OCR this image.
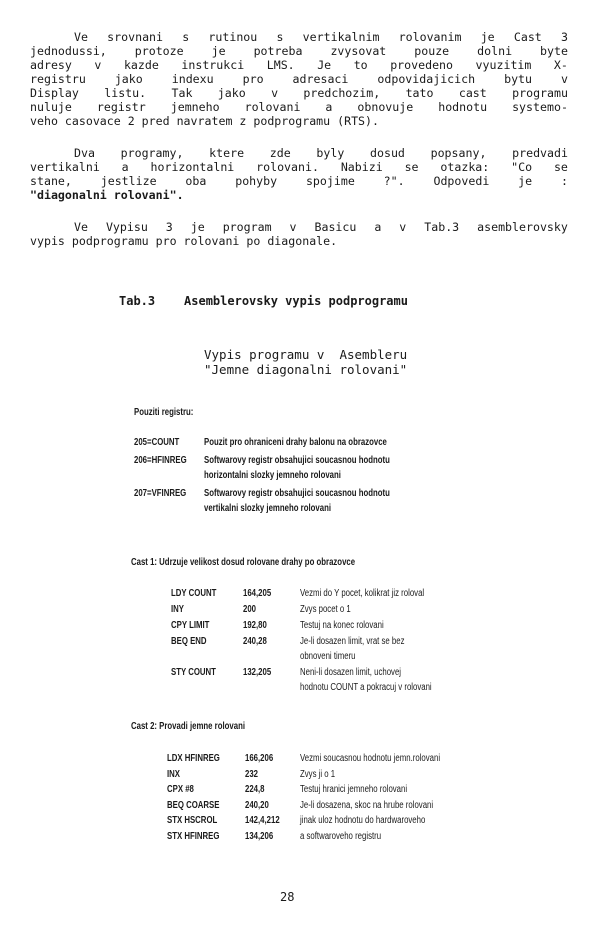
Ve srovnani s rutinou s vertikalnim rolovanim je Cast 3
jednodussi, protoze je potreba zvysovat pouze dolni byte
adresy v kazde instrukci LMS. Je to provedeno vyuzitim X-
registru jako indexu pro adresaci odpovidajicich bytu v
Display listu. Tak jako v predchozim, tato cast programu
nuluje registr jemneho rolovani a obnovuje hodnotu systemo-
veho casovace 2 pred navratem z podprogramu (RTS).
Dva programy, ktere zde byly dosud popsany, predvadi
vertikalni a horizontalni rolovani. Nabizi se otazka: "Co se
stane, jestlize oba pohyby spojime ?". Odpovedi je :
"diagonalni rolovani".
Ve Vypisu 3 je program v Basicu a v Tab.3 asemblerovsky
vypis podprogramu pro rolovani po diagonale.
Tab.3    Asemblerovsky vypis podprogramu
Vypis programu v  Asembleru
"Jemne diagonalni rolovani"
Pouziti registru:
205=COUNT Pouzit pro ohraniceni drahy balonu na obrazovce
206=HFINREG Softwarovy registr obsahujici soucasnou hodnotu
horizontalni slozky jemneho rolovani
207=VFINREG Softwarovy registr obsahujici soucasnou hodnotu
vertikalni slozky jemneho rolovani
Cast 1: Udrzuje velikost dosud rolovane drahy po obrazovce
LDY COUNT	164,205	Vezmi do Y pocet, kolikrat jiz roloval
INY	200	Zvys pocet o 1
CPY LIMIT	192,80	Testuj na konec rolovani
BEQ END	240,28	Je-li dosazen limit, vrat se bez
obnoveni timeru
STY COUNT	132,205	Neni-li dosazen limit, uchovej
hodnotu COUNT a pokracuj v rolovani
Cast 2: Provadi jemne rolovani
LDX HFINREG	166,206	Vezmi soucasnou hodnotu jemn.rolovani
INX	232	Zvys ji o 1
CPX #8	224,8	Testuj hranici jemneho rolovani
BEQ COARSE	240,20	Je-li dosazena, skoc na hrube rolovani
STX HSCROL	142,4,212 jinak uloz hodnotu do hardwaroveho
STX HFINREG	134,206	a softwaroveho registru
28
